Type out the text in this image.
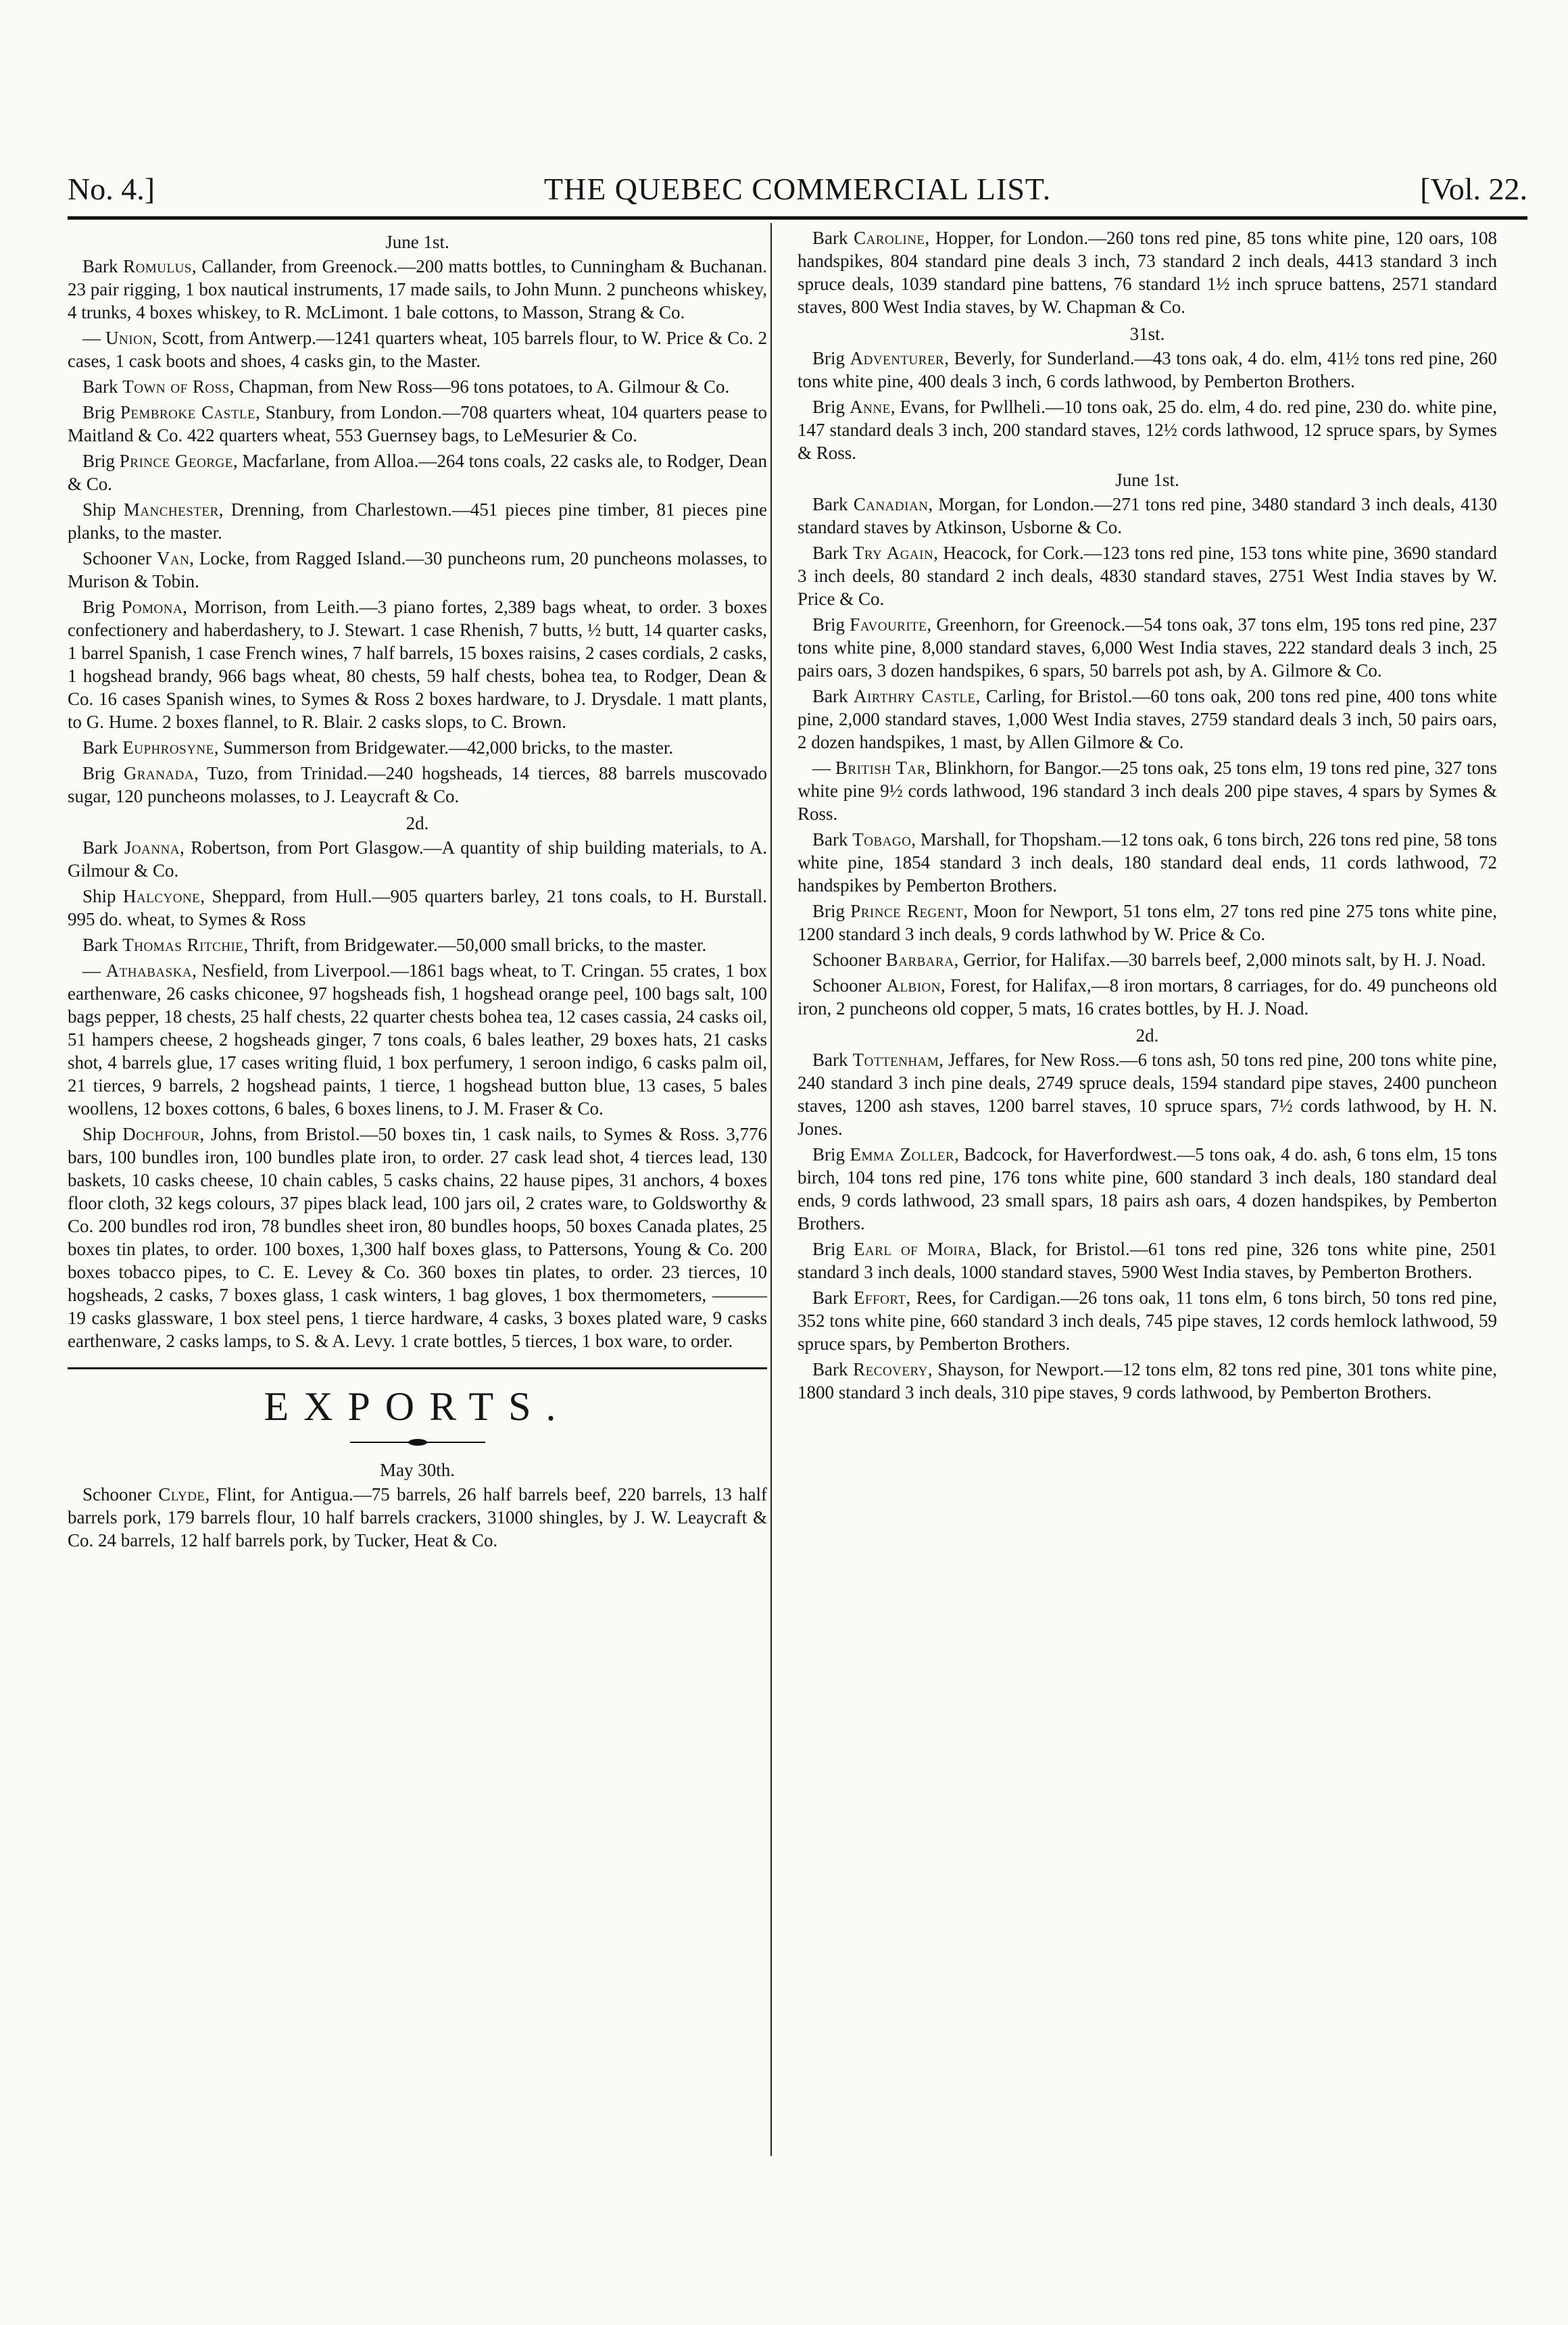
THE QUEBEC COMMERCIAL LIST.
No. 4.]	[Vol. 22.
June 1st.

Bark Romulus, Callander, from Greenock.—200 matts bottles, to Cunningham & Buchanan. 23 pair rigging, 1 box nautical instruments, 17 made sails, to John Munn. 2 puncheons whiskey, 4 trunks, 4 boxes whiskey, to R. McLimont. 1 bale cottons, to Masson, Strang & Co.

— Union, Scott, from Antwerp.—1241 quarters wheat, 105 barrels flour, to W. Price & Co. 2 cases, 1 cask boots and shoes, 4 casks gin, to the Master.

Bark Town of Ross, Chapman, from New Ross—96 tons potatoes, to A. Gilmour & Co.

Brig Pembroke Castle, Stanbury, from London.—708 quarters wheat, 104 quarters pease to Maitland & Co. 422 quarters wheat, 553 Guernsey bags, to LeMesurier & Co.

Brig Prince George, Macfarlane, from Alloa.—264 tons coals, 22 casks ale, to Rodger, Dean & Co.

Ship Manchester, Drenning, from Charlestown.—451 pieces pine timber, 81 pieces pine planks, to the master.

Schooner Van, Locke, from Ragged Island.—30 puncheons rum, 20 puncheons molasses, to Murison & Tobin.

Brig Pomona, Morrison, from Leith.—3 piano fortes, 2,389 bags wheat, to order. 3 boxes confectionery and haberdashery, to J. Stewart. 1 case Rhenish, 7 butts, ½ butt, 14 quarter casks, 1 barrel Spanish, 1 case French wines, 7 half barrels, 15 boxes raisins, 2 cases cordials, 2 casks, 1 hogshead brandy, 966 bags wheat, 80 chests, 59 half chests, bohea tea, to Rodger, Dean & Co. 16 cases Spanish wines, to Symes & Ross 2 boxes hardware, to J. Drysdale. 1 matt plants, to G. Hume. 2 boxes flannel, to R. Blair. 2 casks slops, to C. Brown.

Bark Euphrosyne, Summerson from Bridgewater.—42,000 bricks, to the master.

Brig Granada, Tuzo, from Trinidad.—240 hogsheads, 14 tierces, 88 barrels muscovado sugar, 120 puncheons molasses, to J. Leaycraft & Co.

2d.

Bark Joanna, Robertson, from Port Glasgow.—A quantity of ship building materials, to A. Gilmour & Co.

Ship Halcyone, Sheppard, from Hull.—905 quarters barley, 21 tons coals, to H. Burstall. 995 do. wheat, to Symes & Ross

Bark Thomas Ritchie, Thrift, from Bridgewater.—50,000 small bricks, to the master.

— Athabaska, Nesfield, from Liverpool.—1861 bags wheat, to T. Cringan. 55 crates, 1 box earthenware, 26 casks chiconee, 97 hogsheads fish, 1 hogshead orange peel, 100 bags salt, 100 bags pepper, 18 chests, 25 half chests, 22 quarter chests bohea tea, 12 cases cassia, 24 casks oil, 51 hampers cheese, 2 hogsheads ginger, 7 tons coals, 6 bales leather, 29 boxes hats, 21 casks shot, 4 barrels glue, 17 cases writing fluid, 1 box perfumery, 1 seroon indigo, 6 casks palm oil, 21 tierces, 9 barrels, 2 hogshead paints, 1 tierce, 1 hogshead button blue, 13 cases, 5 bales woollens, 12 boxes cottons, 6 bales, 6 boxes linens, to J. M. Fraser & Co.

Ship Dochfour, Johns, from Bristol.—50 boxes tin, 1 cask nails, to Symes & Ross. 3,776 bars, 100 bundles iron, 100 bundles plate iron, to order. 27 cask lead shot, 4 tierces lead, 130 baskets, 10 casks cheese, 10 chain cables, 5 casks chains, 22 hause pipes, 31 anchors, 4 boxes floor cloth, 32 kegs colours, 37 pipes black lead, 100 jars oil, 2 crates ware, to Goldsworthy & Co. 200 bundles rod iron, 78 bundles sheet iron, 80 bundles hoops, 50 boxes Canada plates, 25 boxes tin plates, to order. 100 boxes, 1,300 half boxes glass, to Pattersons, Young & Co. 200 boxes tobacco pipes, to C. E. Levey & Co. 360 boxes tin plates, to order. 23 tierces, 10 hogsheads, 2 casks, 7 boxes glass, 1 cask winters, 1 bag gloves, 1 box thermometers, ——— 19 casks glassware, 1 box steel pens, 1 tierce hardware, 4 casks, 3 boxes plated ware, 9 casks earthenware, 2 casks lamps, to S. & A. Levy. 1 crate bottles, 5 tierces, 1 box ware, to order.

EXPORTS.
May 30th.

Schooner Clyde, Flint, for Antigua.—75 barrels, 26 half barrels beef, 220 barrels, 13 half barrels pork, 179 barrels flour, 10 half barrels crackers, 31000 shingles, by J. W. Leaycraft & Co. 24 barrels, 12 half barrels pork, by Tucker, Heat & Co.

Bark Caroline, Hopper, for London.—260 tons red pine, 85 tons white pine, 120 oars, 108 handspikes, 804 standard pine deals 3 inch, 73 standard 2 inch deals, 4413 standard 3 inch spruce deals, 1039 standard pine battens, 76 standard 1½ inch spruce battens, 2571 standard staves, 800 West India staves, by W. Chapman & Co.

31st.

Brig Adventurer, Beverly, for Sunderland.—43 tons oak, 4 do. elm, 41½ tons red pine, 260 tons white pine, 400 deals 3 inch, 6 cords lathwood, by Pemberton Brothers.

Brig Anne, Evans, for Pwllheli.—10 tons oak, 25 do. elm, 4 do. red pine, 230 do. white pine, 147 standard deals 3 inch, 200 standard staves, 12½ cords lathwood, 12 spruce spars, by Symes & Ross.

June 1st.

Bark Canadian, Morgan, for London.—271 tons red pine, 3480 standard 3 inch deals, 4130 standard staves by Atkinson, Usborne & Co.

Bark Try Again, Heacock, for Cork.—123 tons red pine, 153 tons white pine, 3690 standard 3 inch deels, 80 standard 2 inch deals, 4830 standard staves, 2751 West India staves by W. Price & Co.

Brig Favourite, Greenhorn, for Greenock.—54 tons oak, 37 tons elm, 195 tons red pine, 237 tons white pine, 8,000 standard staves, 6,000 West India staves, 222 standard deals 3 inch, 25 pairs oars, 3 dozen handspikes, 6 spars, 50 barrels pot ash, by A. Gilmore & Co.

Bark Airthry Castle, Carling, for Bristol.—60 tons oak, 200 tons red pine, 400 tons white pine, 2,000 standard staves, 1,000 West India staves, 2759 standard deals 3 inch, 50 pairs oars, 2 dozen handspikes, 1 mast, by Allen Gilmore & Co.

— British Tar, Blinkhorn, for Bangor.—25 tons oak, 25 tons elm, 19 tons red pine, 327 tons white pine 9½ cords lathwood, 196 standard 3 inch deals 200 pipe staves, 4 spars by Symes & Ross.

Bark Tobago, Marshall, for Thopsham.—12 tons oak, 6 tons birch, 226 tons red pine, 58 tons white pine, 1854 standard 3 inch deals, 180 standard deal ends, 11 cords lathwood, 72 handspikes by Pemberton Brothers.

Brig Prince Regent, Moon for Newport, 51 tons elm, 27 tons red pine 275 tons white pine, 1200 standard 3 inch deals, 9 cords lathwhod by W. Price & Co.

Schooner Barbara, Gerrior, for Halifax.—30 barrels beef, 2,000 minots salt, by H. J. Noad.

Schooner Albion, Forest, for Halifax,—8 iron mortars, 8 carriages, for do. 49 puncheons old iron, 2 puncheons old copper, 5 mats, 16 crates bottles, by H. J. Noad.

2d.

Bark Tottenham, Jeffares, for New Ross.—6 tons ash, 50 tons red pine, 200 tons white pine, 240 standard 3 inch pine deals, 2749 spruce deals, 1594 standard pipe staves, 2400 puncheon staves, 1200 ash staves, 1200 barrel staves, 10 spruce spars, 7½ cords lathwood, by H. N. Jones.

Brig Emma Zoller, Badcock, for Haverfordwest.—5 tons oak, 4 do. ash, 6 tons elm, 15 tons birch, 104 tons red pine, 176 tons white pine, 600 standard 3 inch deals, 180 standard deal ends, 9 cords lathwood, 23 small spars, 18 pairs ash oars, 4 dozen handspikes, by Pemberton Brothers.

Brig Earl of Moira, Black, for Bristol.—61 tons red pine, 326 tons white pine, 2501 standard 3 inch deals, 1000 standard staves, 5900 West India staves, by Pemberton Brothers.

Bark Effort, Rees, for Cardigan.—26 tons oak, 11 tons elm, 6 tons birch, 50 tons red pine, 352 tons white pine, 660 standard 3 inch deals, 745 pipe staves, 12 cords hemlock lathwood, 59 spruce spars, by Pemberton Brothers.

Bark Recovery, Shayson, for Newport.—12 tons elm, 82 tons red pine, 301 tons white pine, 1800 standard 3 inch deals, 310 pipe staves, 9 cords lathwood, by Pemberton Brothers.
